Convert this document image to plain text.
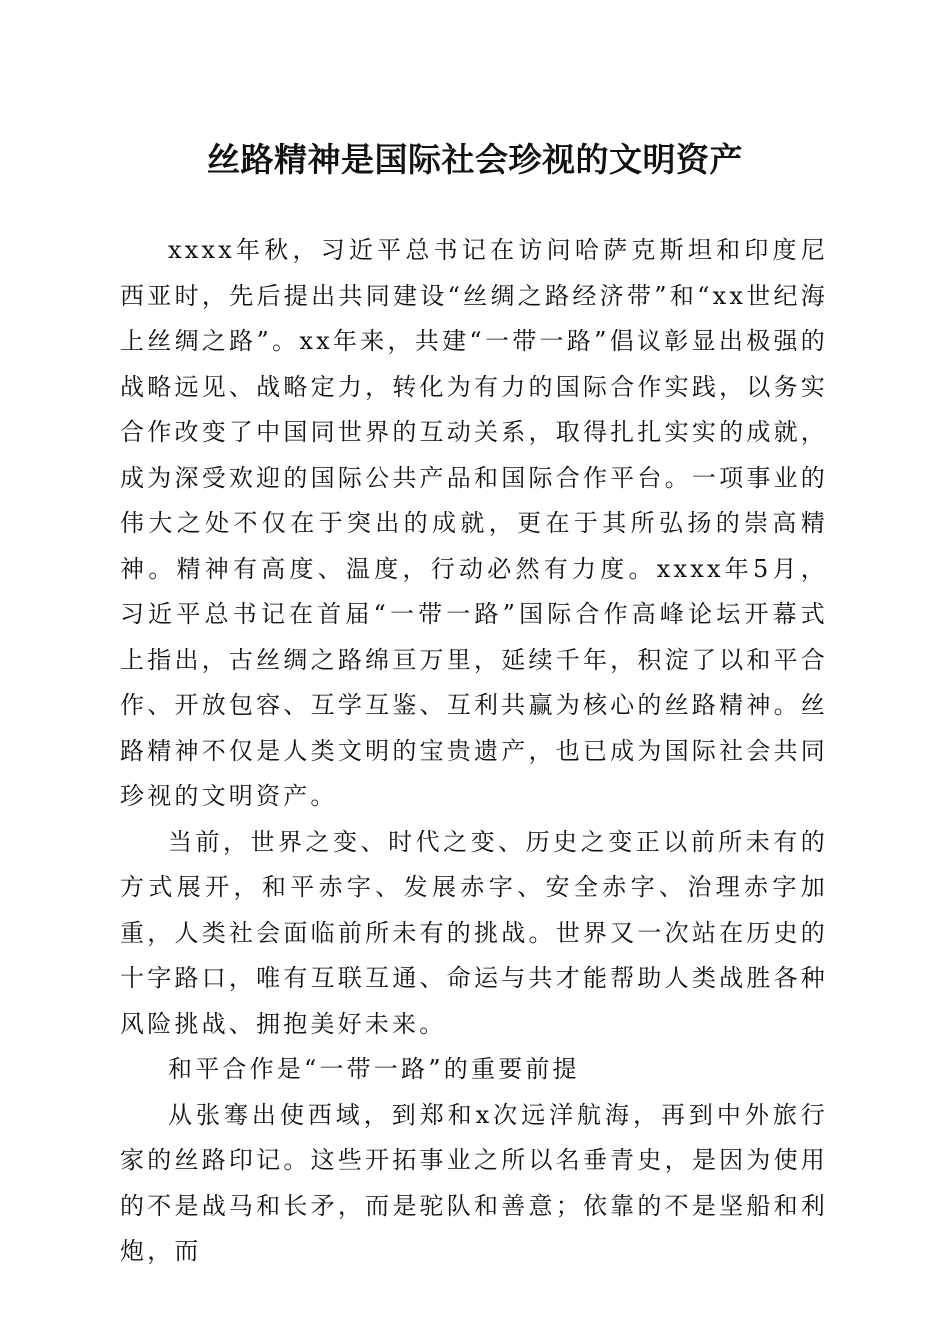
丝路精神是国际社会珍视的文明资产

xxxx年秋，习近平总书记在访问哈萨克斯坦和印度尼西亚时，先后提出共同建设“丝绸之路经济带”和“xx世纪海上丝绸之路”。xx年来，共建“一带一路”倡议彰显出极强的战略远见、战略定力，转化为有力的国际合作实践，以务实合作改变了中国同世界的互动关系，取得扎扎实实的成就，成为深受欢迎的国际公共产品和国际合作平台。一项事业的伟大之处不仅在于突出的成就，更在于其所弘扬的崇高精神。精神有高度、温度，行动必然有力度。xxxx年5月，习近平总书记在首届“一带一路”国际合作高峰论坛开幕式上指出，古丝绸之路绵亘万里，延续千年，积淀了以和平合作、开放包容、互学互鉴、互利共赢为核心的丝路精神。丝路精神不仅是人类文明的宝贵遗产，也已成为国际社会共同珍视的文明资产。

当前，世界之变、时代之变、历史之变正以前所未有的方式展开，和平赤字、发展赤字、安全赤字、治理赤字加重，人类社会面临前所未有的挑战。世界又一次站在历史的十字路口，唯有互联互通、命运与共才能帮助人类战胜各种风险挑战、拥抱美好未来。

和平合作是“一带一路”的重要前提

从张骞出使西域，到郑和x次远洋航海，再到中外旅行家的丝路印记。这些开拓事业之所以名垂青史，是因为使用的不是战马和长矛，而是驼队和善意；依靠的不是坚船和利炮，而
